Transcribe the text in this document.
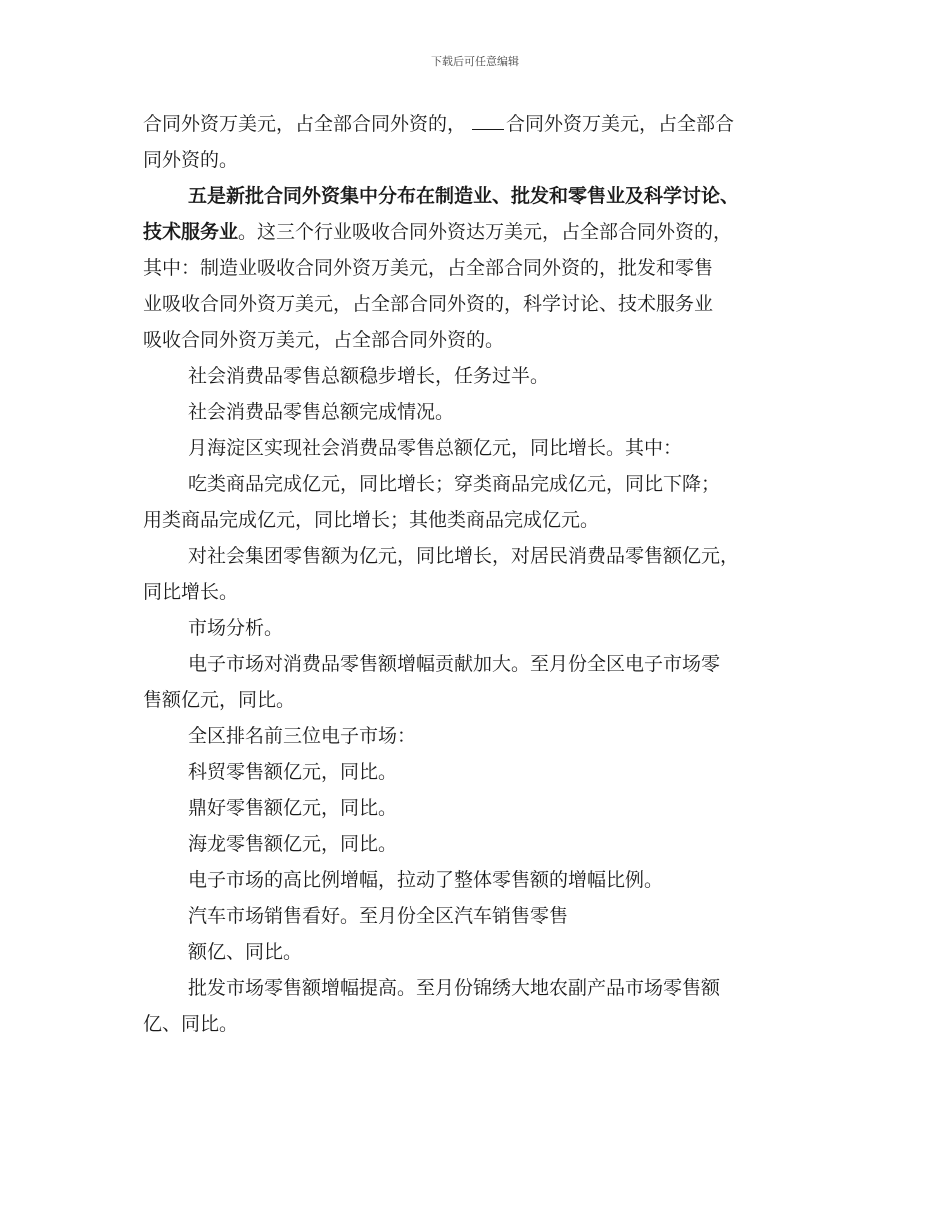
下载后可任意编辑

合同外资万美元，占全部合同外资的， 合同外资万美元，占全部合

同外资的。

五是新批合同外资集中分布在制造业、批发和零售业及科学讨论、

技术服务业。这三个行业吸收合同外资达万美元，占全部合同外资的，

其中：制造业吸收合同外资万美元，占全部合同外资的，批发和零售

业吸收合同外资万美元，占全部合同外资的，科学讨论、技术服务业

吸收合同外资万美元，占全部合同外资的。

社会消费品零售总额稳步增长，任务过半。

社会消费品零售总额完成情况。

月海淀区实现社会消费品零售总额亿元，同比增长。其中：

吃类商品完成亿元，同比增长；穿类商品完成亿元，同比下降；

用类商品完成亿元，同比增长；其他类商品完成亿元。

对社会集团零售额为亿元，同比增长，对居民消费品零售额亿元，

同比增长。

市场分析。

电子市场对消费品零售额增幅贡献加大。至月份全区电子市场零

售额亿元，同比。

全区排名前三位电子市场：

科贸零售额亿元，同比。

鼎好零售额亿元，同比。

海龙零售额亿元，同比。

电子市场的高比例增幅，拉动了整体零售额的增幅比例。

汽车市场销售看好。至月份全区汽车销售零售

额亿、同比。

批发市场零售额增幅提高。至月份锦绣大地农副产品市场零售额

亿、同比。
